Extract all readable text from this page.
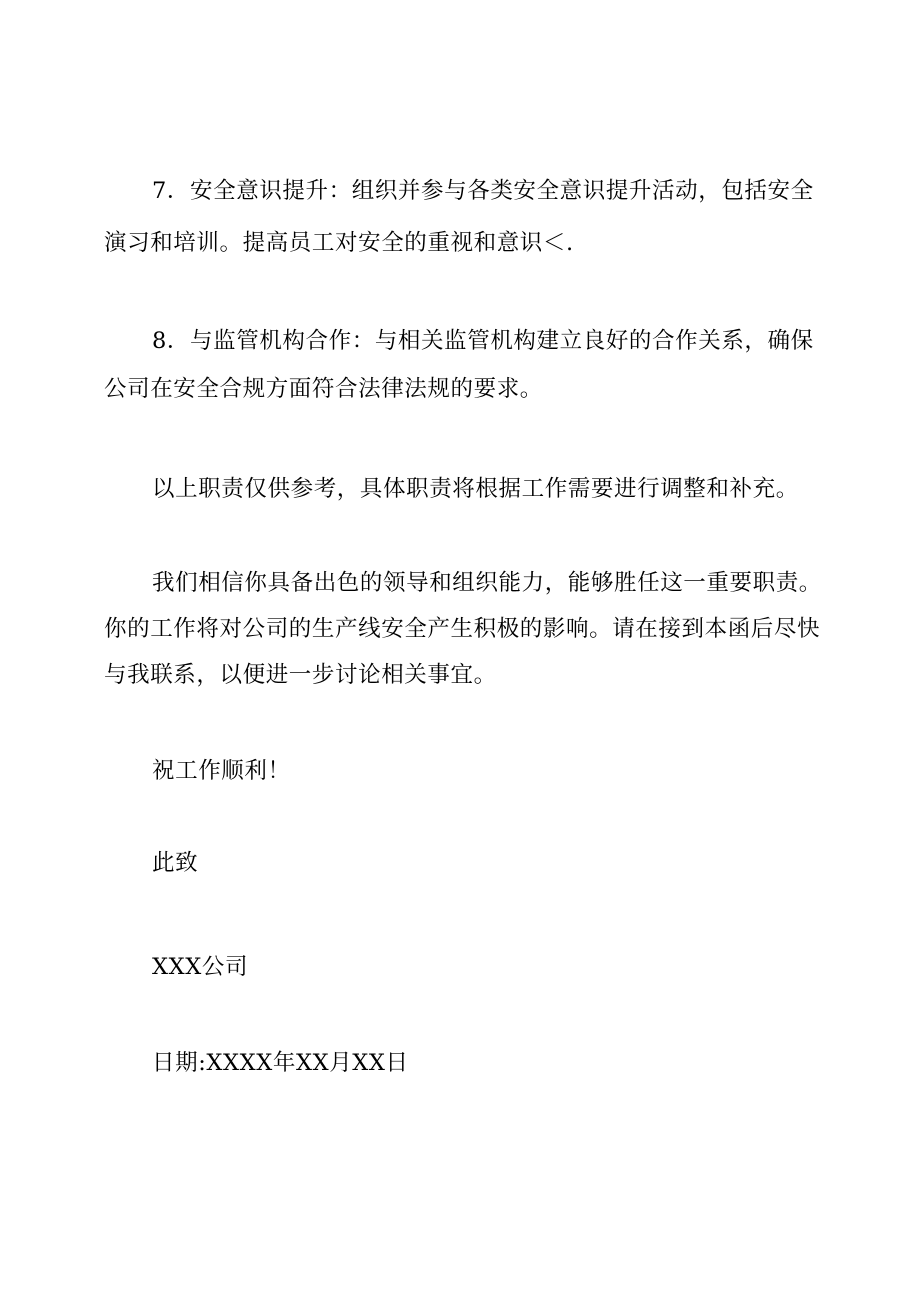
7．安全意识提升：组织并参与各类安全意识提升活动，包括安全
演习和培训。提高员工对安全的重视和意识＜.
8．与监管机构合作：与相关监管机构建立良好的合作关系，确保
公司在安全合规方面符合法律法规的要求。
以上职责仅供参考，具体职责将根据工作需要进行调整和补充。
我们相信你具备出色的领导和组织能力，能够胜任这一重要职责。
你的工作将对公司的生产线安全产生积极的影响。请在接到本函后尽快
与我联系，以便进一步讨论相关事宜。
祝工作顺利！
此致
XXX公司
日期:XXXX年XX月XX日
